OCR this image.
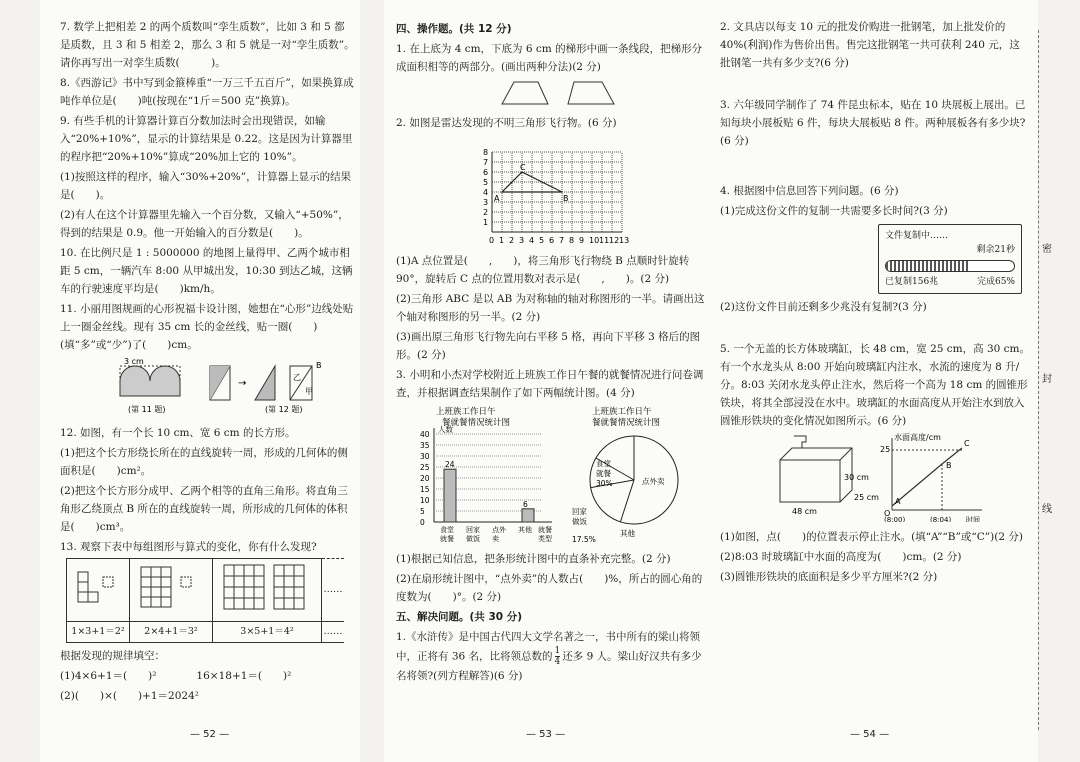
7. 数学上把相差 2 的两个质数叫“孪生质数”，比如 3 和 5 都是质数，且 3 和 5 相差 2，那么 3 和 5 就是一对“孪生质数”。请你再写出一对孪生质数(　　　)。

8.《西游记》书中写到金箍棒重“一万三千五百斤”，如果换算成吨作单位是(　　)吨(按现在“1斤＝500 克”换算)。

9. 有些手机的计算器计算百分数加法时会出现错误，如输入“20%+10%”，显示的计算结果是 0.22。这是因为计算器里的程序把“20%+10%”算成“20%加上它的 10%”。

(1)按照这样的程序，输入“30%+20%”，计算器上显示的结果是(　　)。

(2)有人在这个计算器里先输入一个百分数，又输入“+50%”，得到的结果是 0.9。他一开始输入的百分数是(　　)。

10. 在比例尺是 1 : 5000000 的地图上量得甲、乙两个城市相距 5 cm，一辆汽车 8:00 从甲城出发，10:30 到达乙城，这辆车的行驶速度平均是(　　)km/h。

11. 小丽用图规画的心形祝福卡设计图，她想在“心形”边线处贴上一圈金丝线。现有 35 cm 长的金丝线，贴一圈(　　)(填“多”或“少”)了(　　)cm。

3 cm
(第 11 题)
→
乙
甲
B
(第 12 题)

12. 如图，有一个长 10 cm、宽 6 cm 的长方形。

(1)把这个长方形绕长所在的直线旋转一周，形成的几何体的侧面积是(　　)cm²。

(2)把这个长方形分成甲、乙两个相等的直角三角形。将直角三角形乙绕顶点 B 所在的直线旋转一周，所形成的几何体的体积是(　　)cm³。

13. 观察下表中每组图形与算式的变化，你有什么发现?

			……
1×3+1＝2²	2×4+1＝3²	3×5+1＝4²	……

根据发现的规律填空：

(1)4×6+1＝(　　)²	16×18+1＝(　　)²

(2)(　　)×(　　)+1＝2024²

— 52 —

四、操作题。(共 12 分)

1. 在上底为 4 cm，下底为 6 cm 的梯形中画一条线段，把梯形分成面积相等的两部分。(画出两种分法)(2 分)

2. 如图是雷达发现的不明三角形飞行物。(6 分)

0 1 2 3 4 5 6 7 8 9 10 11 12 13
1
2
3
4
5
6
7
8
A	B
C

(1)A 点位置是(　　,　　)，将三角形飞行物绕 B 点顺时针旋转 90°，旋转后 C 点的位置用数对表示是(　　,　　)。(2 分)

(2)三角形 ABC 是以 AB 为对称轴的轴对称图形的一半。请画出这个轴对称图形的另一半。(2 分)

(3)画出原三角形飞行物先向右平移 5 格，再向下平移 3 格后的图形。(2 分)

3. 小明和小杰对学校附近上班族工作日午餐的就餐情况进行问卷调查，并根据调查结果制作了如下两幅统计图。(4 分)

上班族工作日午
餐就餐情况统计图
人数
0
5
10
15
20
25
30
35
40
24
食堂
就餐
回家
做饭
点外
卖
6
其他 就餐
类型
上班族工作日午
餐就餐情况统计图
食堂
就餐
30%	点外卖
回家
做饭
17.5%
其他

(1)根据已知信息，把条形统计图中的直条补充完整。(2 分)

(2)在扇形统计图中，“点外卖”的人数占(　　)%，所占的圆心角的度数为(　　)°。(2 分)

五、解决问题。(共 30 分)

1.《水浒传》是中国古代四大文学名著之一，书中所有的梁山将领中，正将有 36 名，比将领总数的 $\frac{1}{4}$ 还多 9 人。梁山好汉共有多少名将领?(列方程解答)(6 分)

— 53 —

2. 文具店以每支 10 元的批发价购进一批钢笔，加上批发价的 40%(利润)作为售价出售。售完这批钢笔一共可获利 240 元，这批钢笔一共有多少支?(6 分)

3. 六年级同学制作了 74 件昆虫标本，贴在 10 块展板上展出。已知每块小展板贴 6 件，每块大展板贴 8 件。两种展板各有多少块?(6 分)

4. 根据图中信息回答下列问题。(6 分)

(1)完成这份文件的复制一共需要多长时间?(3 分)

文件复制中……
剩余21秒
已复制156兆	完成65%

(2)这份文件目前还剩多少兆没有复制?(3 分)

5. 一个无盖的长方体玻璃缸，长 48 cm，宽 25 cm，高 30 cm。有一个水龙头从 8:00 开始向玻璃缸内注水，水流的速度为 8 升/分。8:03 关闭水龙头停止注水，然后将一个高为 18 cm 的圆锥形铁块，将其全部浸没在水中。玻璃缸的水面高度从开始注水到放入圆锥形铁块的变化情况如图所示。(6 分)

30 cm
25 cm
48 cm
水面高度/cm
25
O
(8:00)	(8:04) 时间
A
B
C

(1)如图，点(　　)的位置表示停止注水。(填“A”“B”或“C”)(2 分)

(2)8:03 时玻璃缸中水面的高度为(　　)cm。(2 分)

(3)圆锥形铁块的底面积是多少平方厘米?(2 分)

— 54 —
密
封
线
